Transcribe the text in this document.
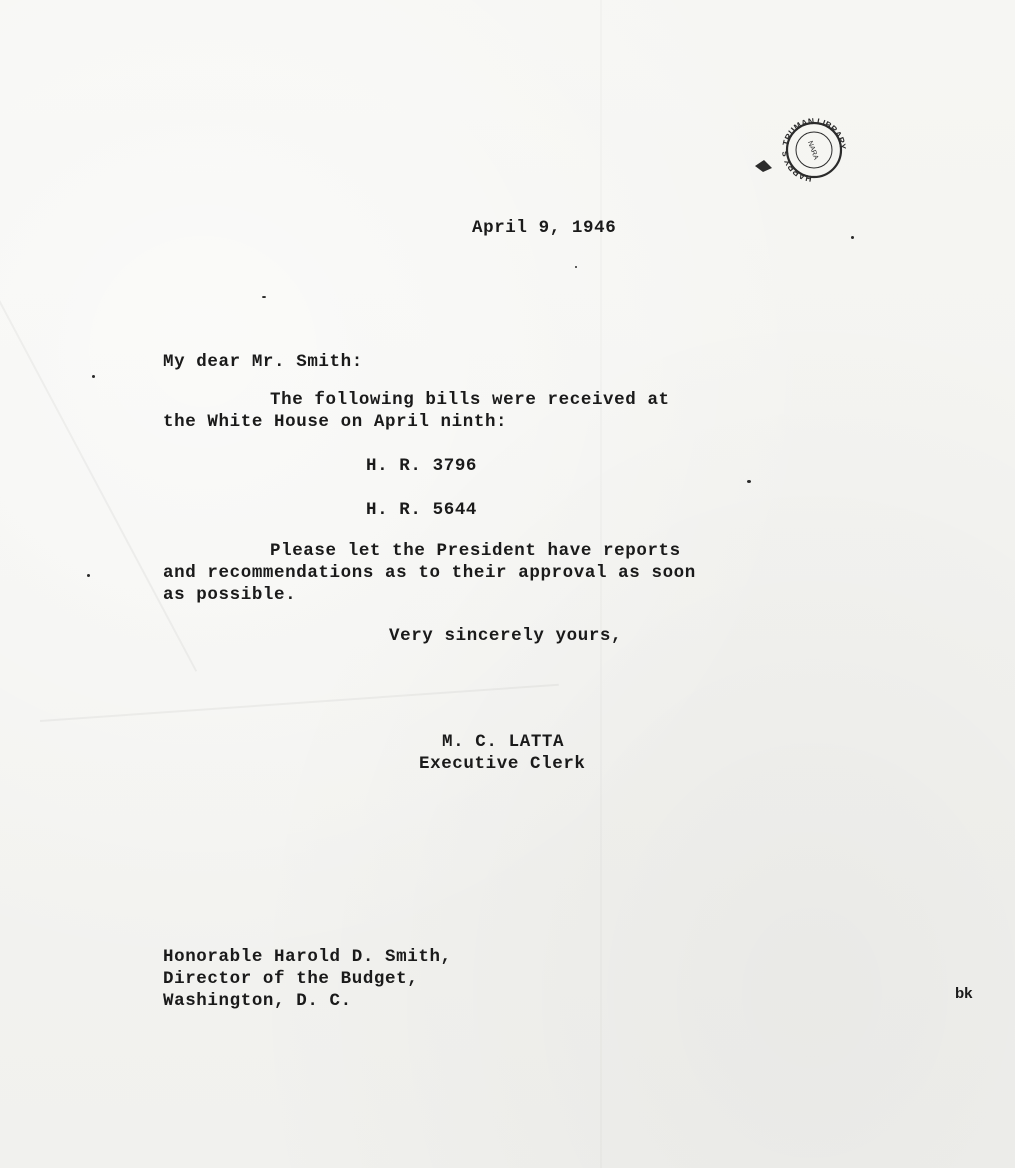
HARRY S. TRUMAN LIBRARY
NARA
April 9, 1946
My dear Mr. Smith:
The following bills were received at
the White House on April ninth:
H. R. 3796
H. R. 5644
Please let the President have reports
and recommendations as to their approval as soon
as possible.
Very sincerely yours,
M. C. LATTA
Executive Clerk
Honorable Harold D. Smith,
Director of the Budget,
Washington, D. C.	bk
